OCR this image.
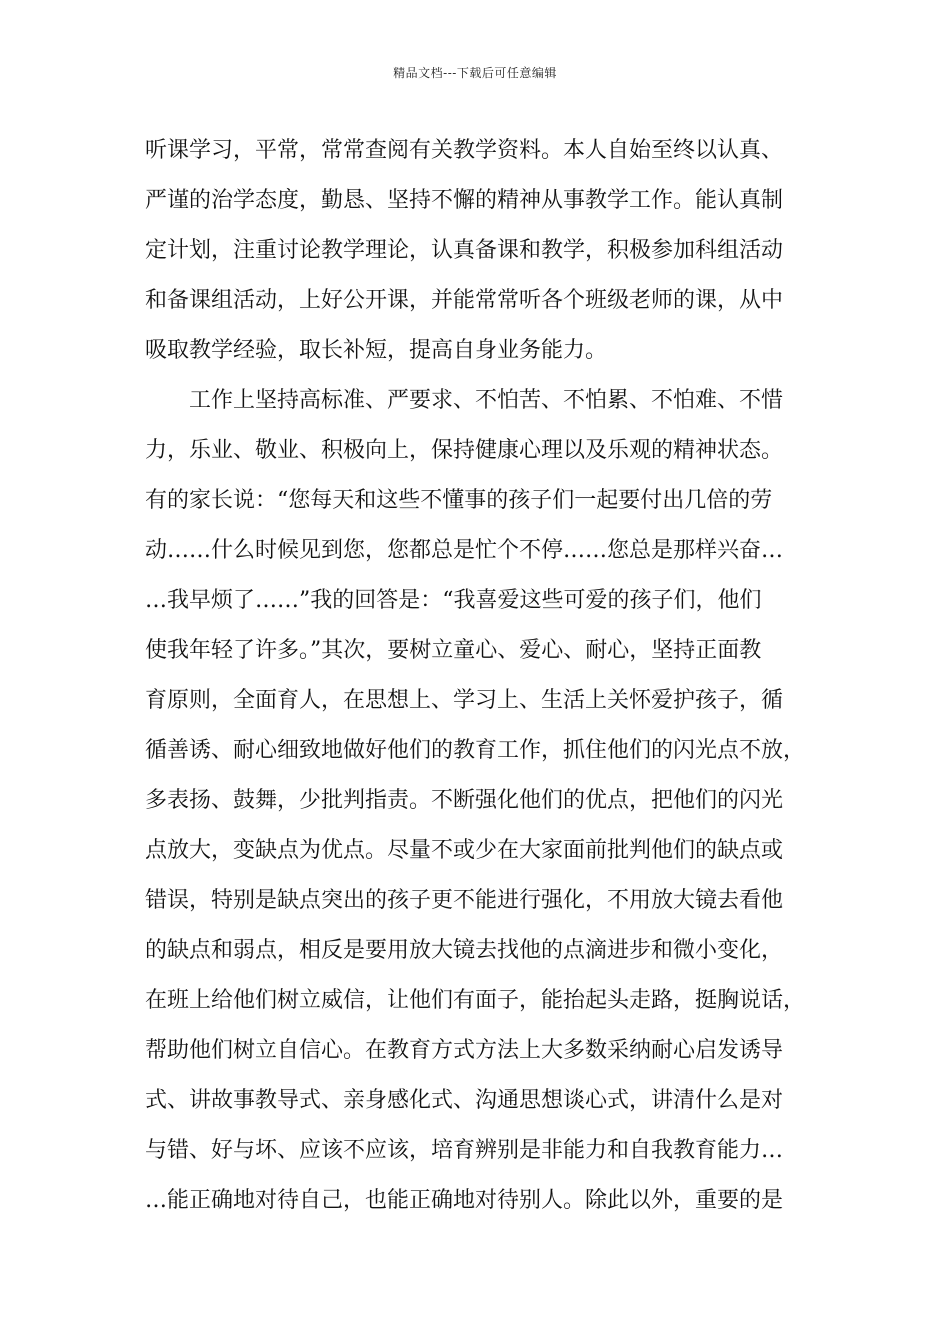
精品文档---下载后可任意编辑
听课学习，平常，常常查阅有关教学资料。本人自始至终以认真、
严谨的治学态度，勤恳、坚持不懈的精神从事教学工作。能认真制
定计划，注重讨论教学理论，认真备课和教学，积极参加科组活动
和备课组活动，上好公开课，并能常常听各个班级老师的课，从中
吸取教学经验，取长补短，提高自身业务能力。
工作上坚持高标准、严要求、不怕苦、不怕累、不怕难、不惜
力，乐业、敬业、积极向上，保持健康心理以及乐观的精神状态。
有的家长说：“您每天和这些不懂事的孩子们一起要付出几倍的劳
动……什么时候见到您，您都总是忙个不停……您总是那样兴奋…
…我早烦了……”我的回答是：“我喜爱这些可爱的孩子们，他们
使我年轻了许多。”其次，要树立童心、爱心、耐心，坚持正面教
育原则，全面育人，在思想上、学习上、生活上关怀爱护孩子，循
循善诱、耐心细致地做好他们的教育工作，抓住他们的闪光点不放，
多表扬、鼓舞，少批判指责。不断强化他们的优点，把他们的闪光
点放大，变缺点为优点。尽量不或少在大家面前批判他们的缺点或
错误，特别是缺点突出的孩子更不能进行强化，不用放大镜去看他
的缺点和弱点，相反是要用放大镜去找他的点滴进步和微小变化，
在班上给他们树立威信，让他们有面子，能抬起头走路，挺胸说话，
帮助他们树立自信心。在教育方式方法上大多数采纳耐心启发诱导
式、讲故事教导式、亲身感化式、沟通思想谈心式，讲清什么是对
与错、好与坏、应该不应该，培育辨别是非能力和自我教育能力…
…能正确地对待自己，也能正确地对待别人。除此以外，重要的是
